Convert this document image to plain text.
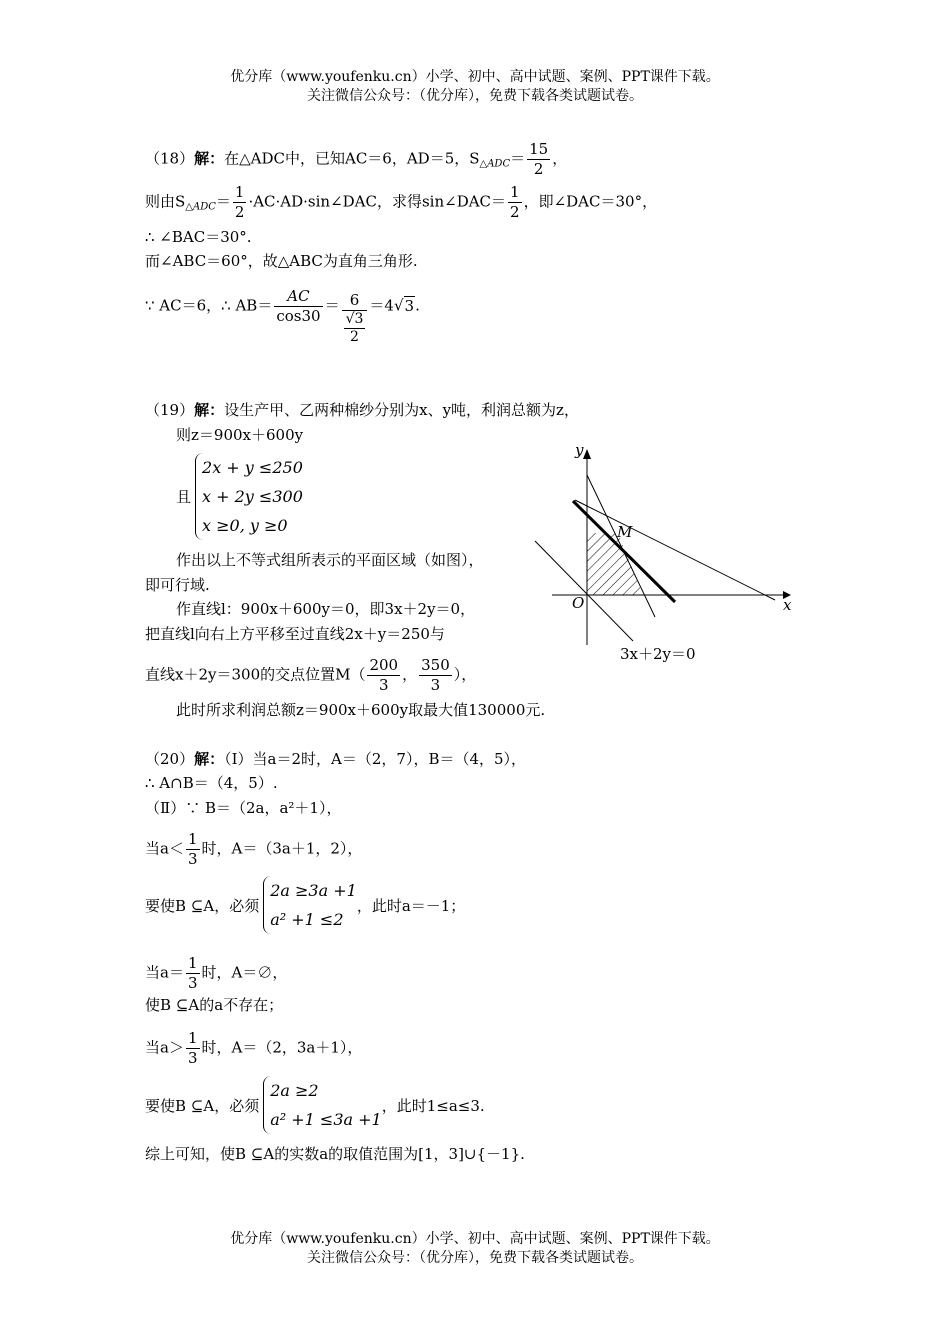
优分库（www.youfenku.cn）小学、初中、高中试题、案例、PPT课件下载。
关注微信公众号：（优分库），免费下载各类试题试卷。
（18）解：在△ADC中，已知AC＝6，AD＝5，$S_{\triangle ADC}= \frac{15}{2}$ ，
则由$S_{\triangle ADC}= \frac{1}{2}$ ·AC·AD·sin∠DAC，求得sin∠DAC＝ $\frac{1}{2}$ ，即∠DAC＝30°，
∴ ∠BAC＝30°.
而∠ABC＝60°，故△ABC为直角三角形.
∵ AC＝6，∴ $AB= \frac{AC}{\cos 30} = \frac{6}{\frac{√3}{2}} =4√3$.
（19）解：设生产甲、乙两种棉纱分别为x、y吨，利润总额为z，
则z＝900x＋600y
且
2x + y ≤250
x + 2y ≤300
x ≥0, y ≥0
作出以上不等式组所表示的平面区域（如图），
即可行域.
作直线l：900x＋600y＝0，即3x＋2y＝0，
把直线l向右上方平移至过直线2x＋y＝250与
直线x＋2y＝300的交点位置$M( \frac{200}{3}$ ， $\frac{350}{3}$ ），
此时所求利润总额z＝900x＋600y取最大值130000元.
x
y
O
M
3x＋2y＝0
（20）解：（Ⅰ）当a＝2时，A＝（2，7），B＝（4，5），
∴ A∩B＝（4，5）.
（Ⅱ）∵ B＝（2a，a²＋1），
当$a< \frac{1}{3}$ 时，A＝（3a＋1，2），
要使B ⊆A，必须
2a ≥3a +1
a² +1 ≤2
，此时a＝－1；
当$a= \frac{1}{3}$ 时，A＝∅，
使B ⊆A的a不存在；
当$a> \frac{1}{3}$ 时，A＝（2，3a＋1），
要使B ⊆A，必须
2a ≥2
a² +1 ≤3a +1
，此时1≤a≤3.
综上可知，使B ⊆A的实数a的取值范围为[1，3]∪{－1}.
优分库（www.youfenku.cn）小学、初中、高中试题、案例、PPT课件下载。
关注微信公众号：（优分库），免费下载各类试题试卷。
